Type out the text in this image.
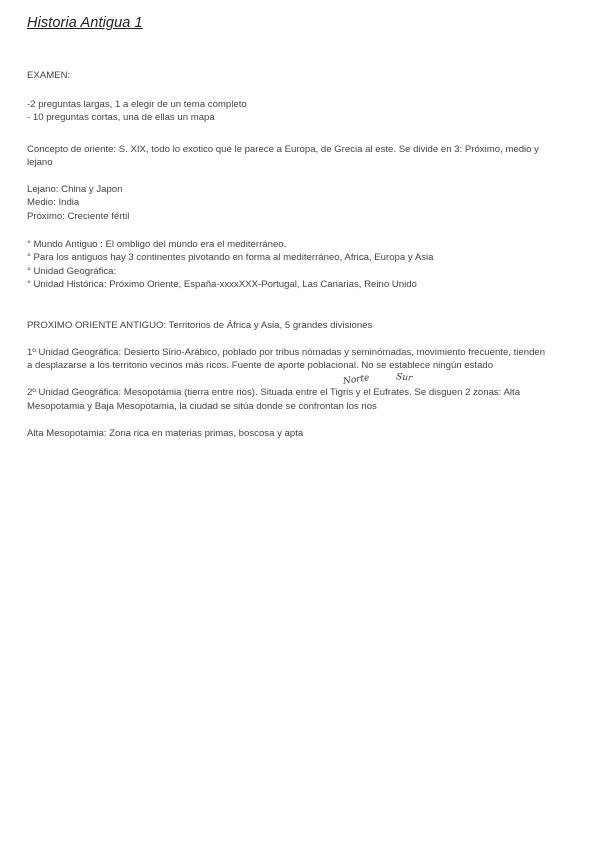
Historia Antigua 1
EXAMEN:
-2 preguntas largas, 1 a elegir de un tema completo
- 10 preguntas cortas, una de ellas un mapa
Concepto de oriente: S. XIX, todo lo exotico que le parece a Europa, de Grecia al este. Se divide en 3: Próximo, medio y
lejano
Lejano: China y Japon
Medio: India
Próximo: Creciente fértil
° Mundo Antiguo : El ombligo del mundo era el mediterráneo.
° Para los antiguos hay 3 continentes pivotando en forma al mediterráneo, Africa, Europa y Asia
° Unidad Geográfica:
° Unidad Histórica: Próximo Oriente, España-xxxxXXX-Portugal, Las Canarias, Reino Unido
PROXIMO ORIENTE ANTIGUO: Territorios de África y Asia, 5 grandes divisiones
1º Unidad Geográfica: Desierto Sirio-Arábico, poblado por tribus nómadas y seminómadas, movimiento frecuente, tienden
a desplazarse a los territorio vecinos más ricos. Fuente de aporte poblacional. No se establece ningún estado
Norte	Sur
2º Unidad Geográfica: Mesopotámia (tierra entre rios). Situada entre el Tigris y el Eufrates. Se disguen 2 zonas: Alta
Mesopotamia y Baja Mesopotamia, la ciudad se sitúa donde se confrontan los rios
Alta Mesopotamia: Zona rica en materias primas, boscosa y apta
